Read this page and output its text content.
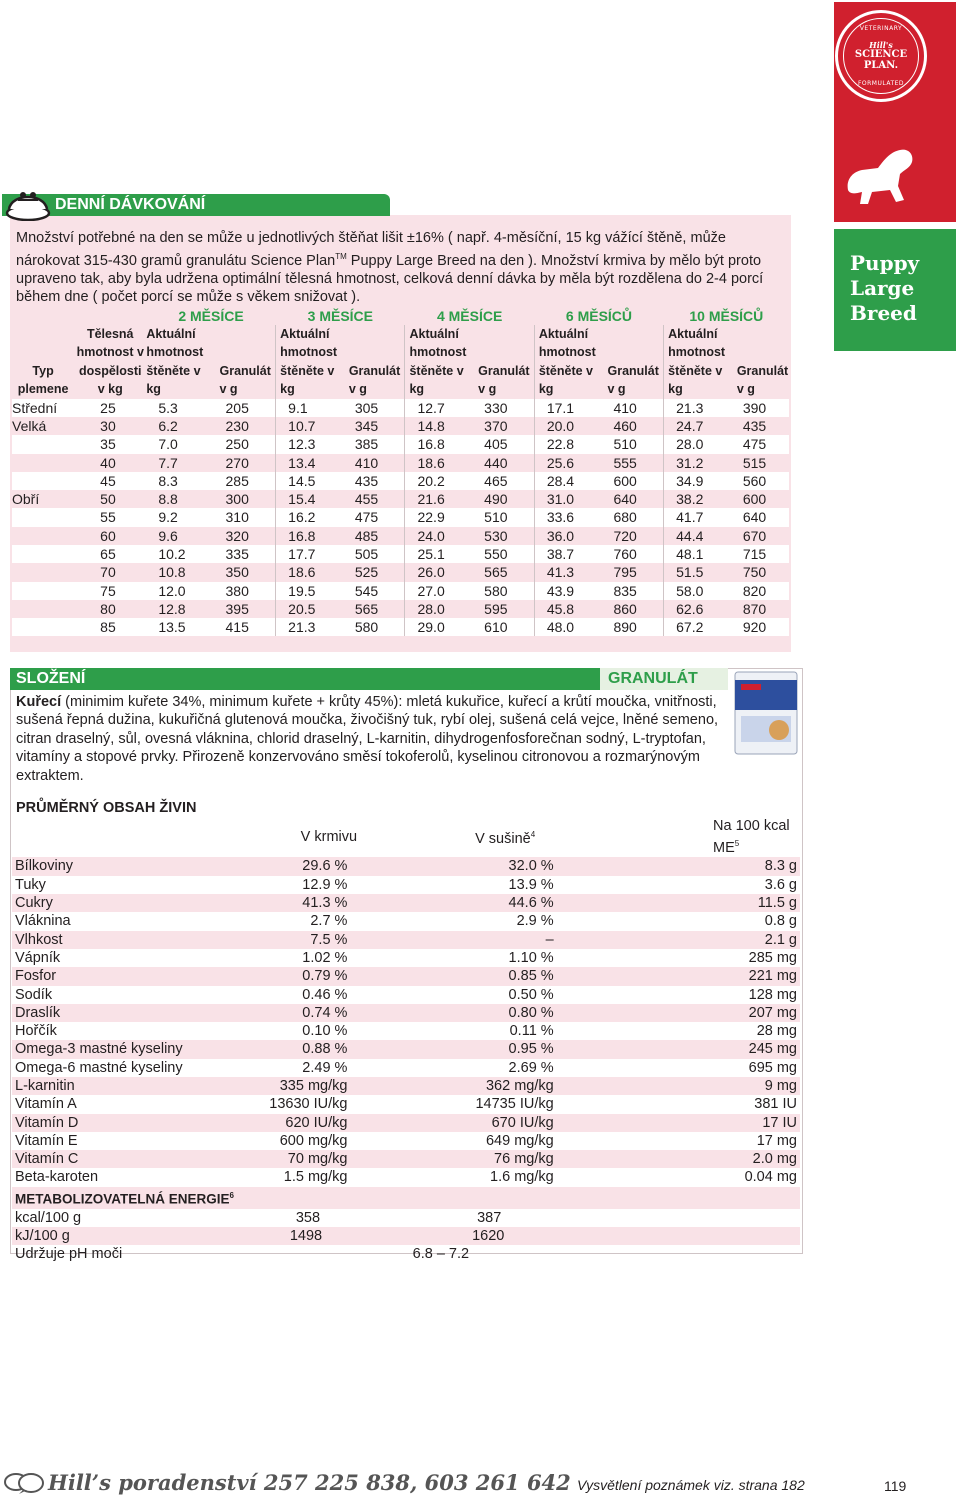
VETERINARY
Hill's
SCIENCE PLAN.
FORMULATED
Puppy
Large
Breed
DENNÍ DÁVKOVÁNÍ
Množství potřebné na den se může u jednotlivých štěňat lišit ±16% ( např. 4-měsíční, 15 kg vážící štěně, může nárokovat 315-430 gramů granulátu Science Plan™ Puppy Large Breed na den ). Množství krmiva by mělo být proto upraveno tak, aby byla udržena optimální tělesná hmotnost, celková denní dávka by měla být rozdělena do 2-4 porcí během dne ( počet porcí se může s věkem snižovat ).
		2 MĚSÍCE		3 MĚSÍCE		4 MĚSÍCE		6 MĚSÍCŮ		10 MĚSÍCŮ	
Typ plemene	Tělesná hmotnost v dospělosti v kg	Aktuální hmotnost štěněte v kg	Granulát v g	Aktuální hmotnost štěněte v kg	Granulát v g	Aktuální hmotnost štěněte v kg	Granulát v g	Aktuální hmotnost štěněte v kg	Granulát v g	Aktuální hmotnost štěněte v kg	Granulát v g
Střední	25	5.3	205	9.1	305	12.7	330	17.1	410	21.3	390
Velká	30	6.2	230	10.7	345	14.8	370	20.0	460	24.7	435
	35	7.0	250	12.3	385	16.8	405	22.8	510	28.0	475
	40	7.7	270	13.4	410	18.6	440	25.6	555	31.2	515
	45	8.3	285	14.5	435	20.2	465	28.4	600	34.9	560
Obří	50	8.8	300	15.4	455	21.6	490	31.0	640	38.2	600
	55	9.2	310	16.2	475	22.9	510	33.6	680	41.7	640
	60	9.6	320	16.8	485	24.0	530	36.0	720	44.4	670
	65	10.2	335	17.7	505	25.1	550	38.7	760	48.1	715
	70	10.8	350	18.6	525	26.0	565	41.3	795	51.5	750
	75	12.0	380	19.5	545	27.0	580	43.9	835	58.0	820
	80	12.8	395	20.5	565	28.0	595	45.8	860	62.6	870
	85	13.5	415	21.3	580	29.0	610	48.0	890	67.2	920
SLOŽENÍ	GRANULÁT
Kuřecí (minimim kuřete 34%, minimum kuřete + krůty 45%): mletá kukuřice, kuřecí a krůtí moučka, vnitřnosti, sušená řepná dužina, kukuřičná glutenová moučka, živočišný tuk, rybí olej, sušená celá vejce, lněné semeno, citran draselný, sůl, ovesná vláknina, chlorid draselný, L-karnitin, dihydrogenfosforečnan sodný, L-tryptofan, vitamíny a stopové prvky. Přirozeně konzervováno směsí tokoferolů, kyselinou citronovou a rozmarýnovým extraktem.
PRŮMĚRNÝ OBSAH ŽIVIN
	V krmivu		V sušině$^4$		Na 100 kcal $ME^5$
Bílkoviny	29.6 %		32.0 %		8.3 g
Tuky	12.9 %		13.9 %		3.6 g
Cukry	41.3 %		44.6 %		11.5 g
Vláknina	2.7 %		2.9 %		0.8 g
Vlhkost	7.5 %		–		2.1 g
Vápník	1.02 %		1.10 %		285 mg
Fosfor	0.79 %		0.85 %		221 mg
Sodík	0.46 %		0.50 %		128 mg
Draslík	0.74 %		0.80 %		207 mg
Hořčík	0.10 %		0.11 %		28 mg
Omega-3 mastné kyseliny	0.88 %		0.95 %		245 mg
Omega-6 mastné kyseliny	2.49 %		2.69 %		695 mg
L-karnitin	335 mg/kg		362 mg/kg		9 mg
Vitamín A	13630 IU/kg		14735 IU/kg		381 IU
Vitamín D	620 IU/kg		670 IU/kg		17 IU
Vitamín E	600 mg/kg		649 mg/kg		17 mg
Vitamín C	70 mg/kg		76 mg/kg		2.0 mg
Beta-karoten	1.5 mg/kg		1.6 mg/kg		0.04 mg
METABOLIZOVATELNÁ ENERGIE$^6$
kcal/100 g	358		387		
kJ/100 g	1498		1620		
Udržuje pH moči		6.8 – 7.2			
Hill’s poradenství 257 225 838, 603 261 642 Vysvětlení poznámek viz. strana 182	119
